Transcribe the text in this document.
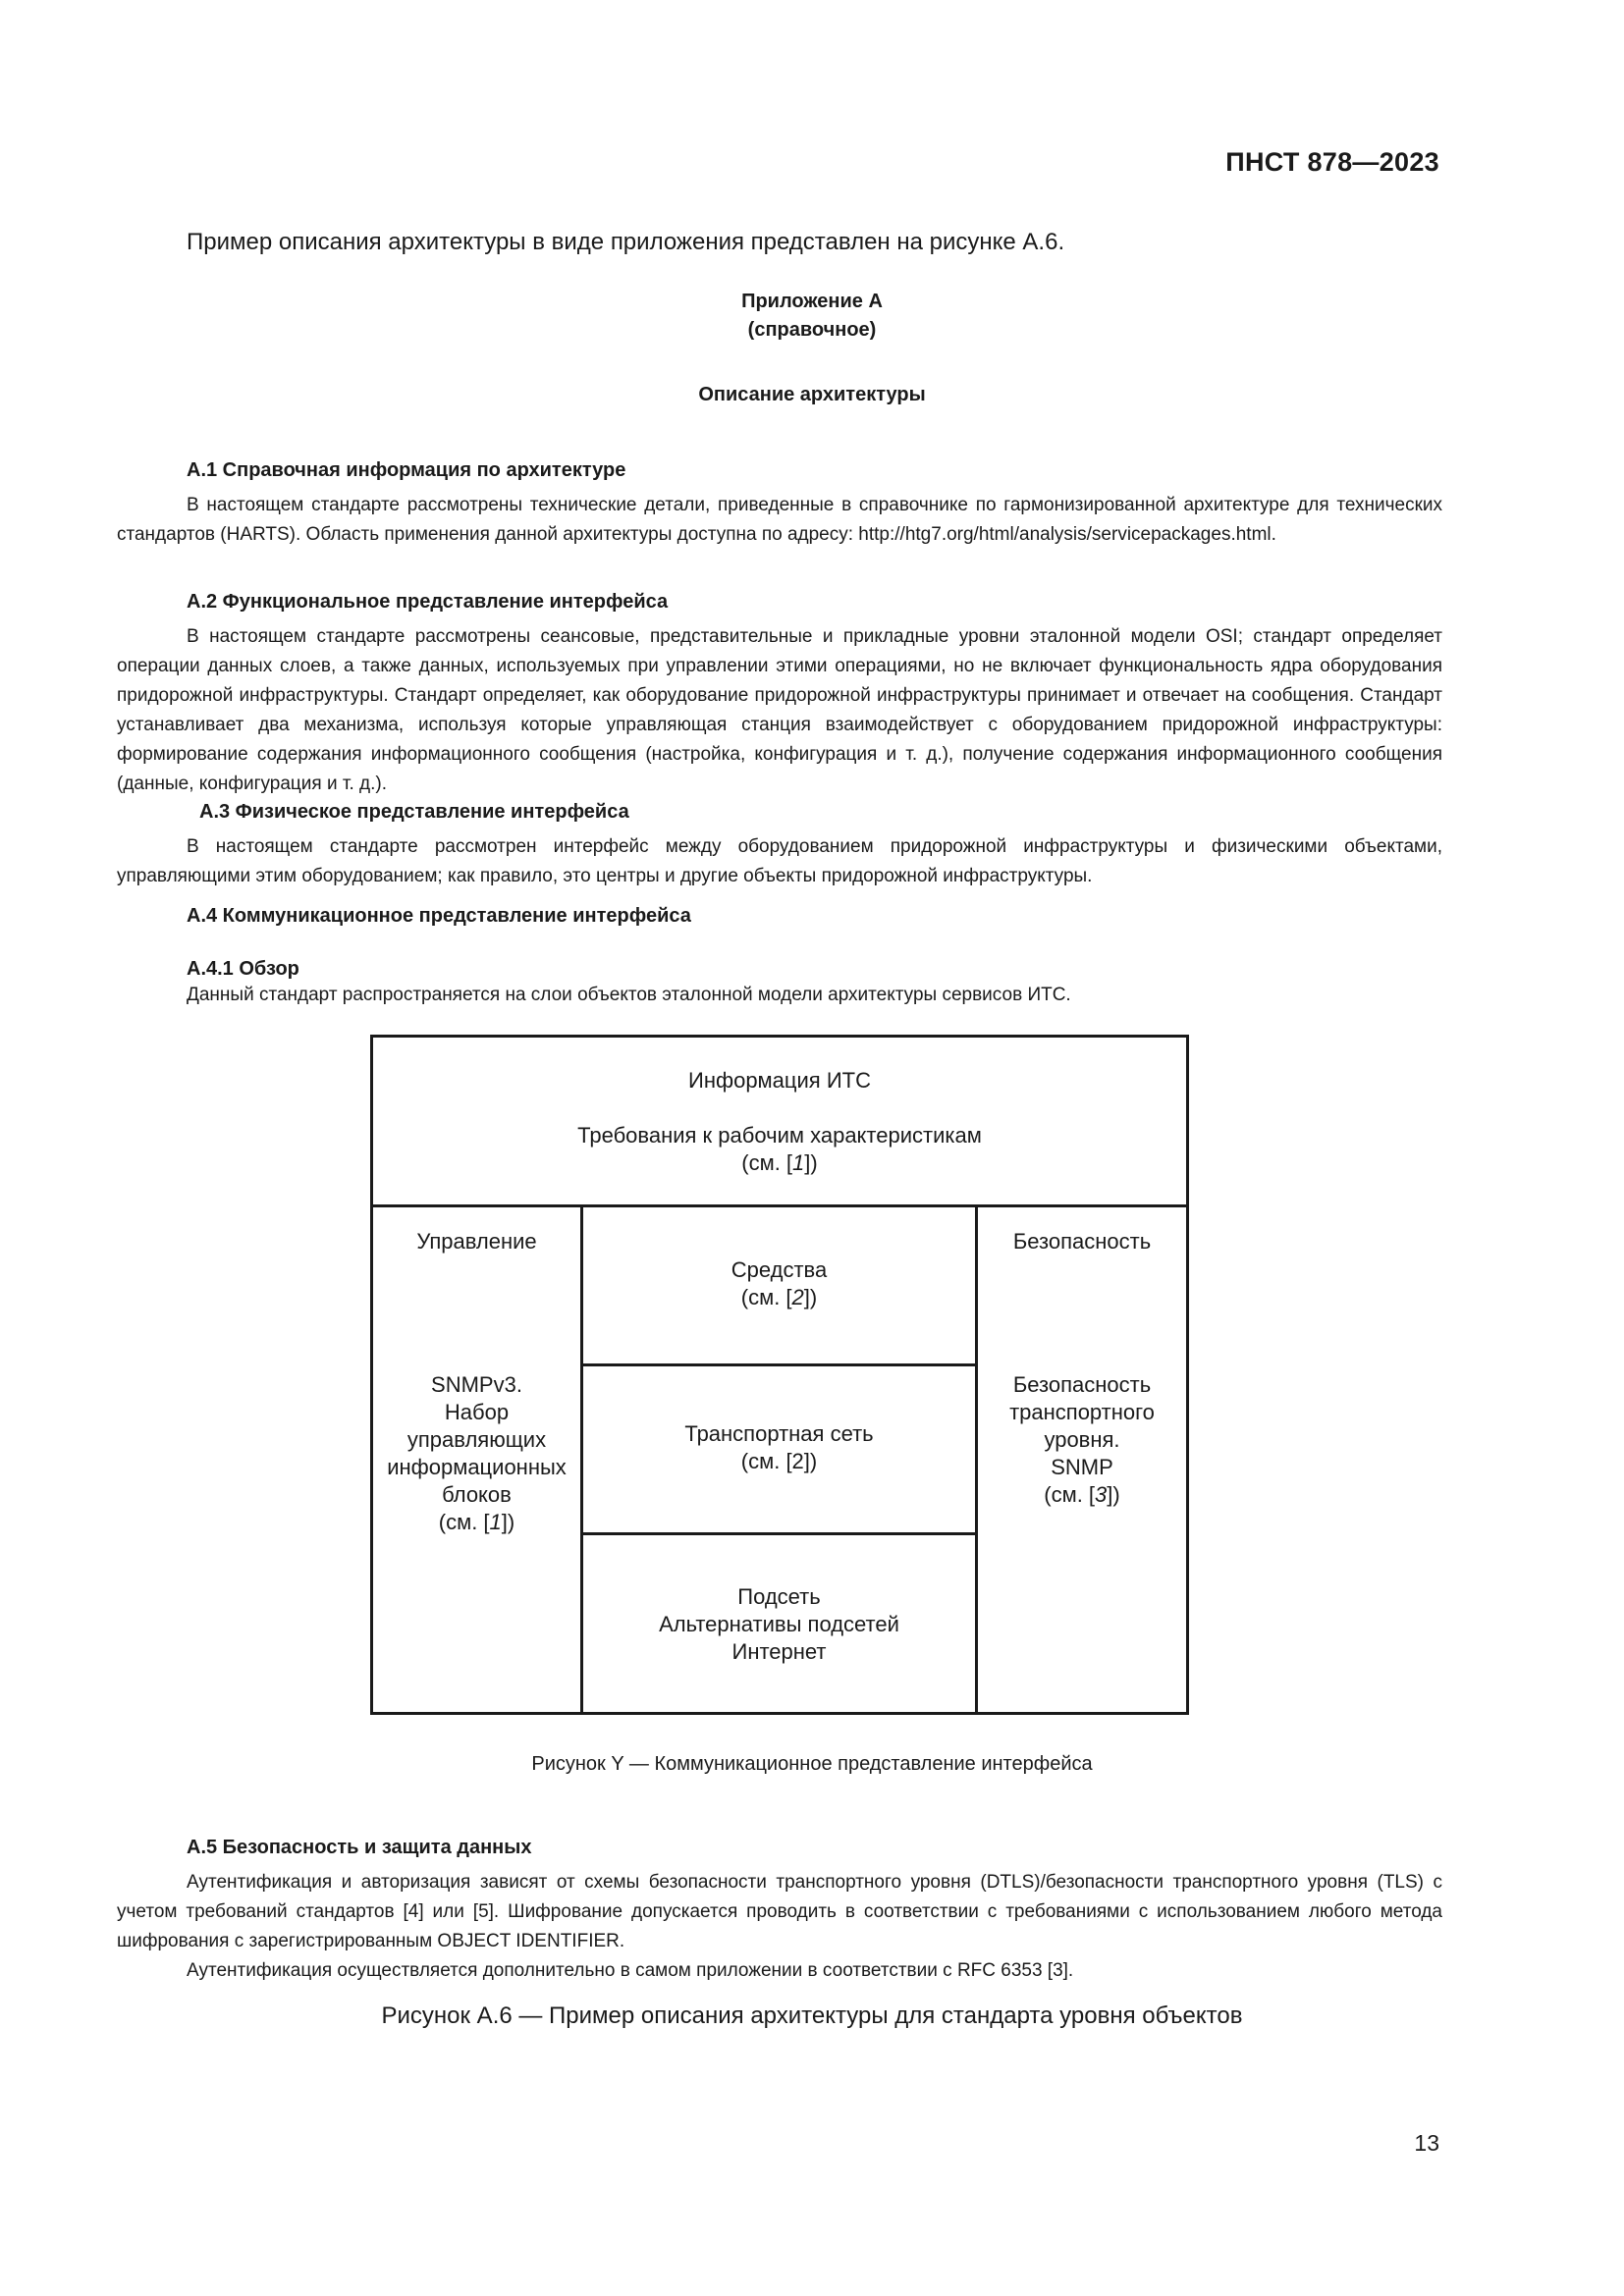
ПНСТ 878—2023
Пример описания архитектуры в виде приложения представлен на рисунке А.6.
Приложение А
(справочное)
Описание архитектуры
А.1 Справочная информация по архитектуре
В настоящем стандарте рассмотрены технические детали, приведенные в справочнике по гармонизированной архитектуре для технических стандартов (HARTS). Область применения данной архитектуры доступна по адресу: http://htg7.org/html/analysis/servicepackages.html.
А.2 Функциональное представление интерфейса
В настоящем стандарте рассмотрены сеансовые, представительные и прикладные уровни эталонной модели OSI; стандарт определяет операции данных слоев, а также данных, используемых при управлении этими операциями, но не включает функциональность ядра оборудования придорожной инфраструктуры. Стандарт определяет, как оборудование придорожной инфраструктуры принимает и отвечает на сообщения. Стандарт устанавливает два механизма, используя которые управляющая станция взаимодействует с оборудованием придорожной инфраструктуры: формирование содержания информационного сообщения (настройка, конфигурация и т. д.), получение содержания информационного сообщения (данные, конфигурация и т. д.).
А.3 Физическое представление интерфейса
В настоящем стандарте рассмотрен интерфейс между оборудованием придорожной инфраструктуры и физическими объектами, управляющими этим оборудованием; как правило, это центры и другие объекты придорожной инфраструктуры.
А.4 Коммуникационное представление интерфейса
А.4.1 Обзор
Данный стандарт распространяется на слои объектов эталонной модели архитектуры сервисов ИТС.
Информация ИТС
Требования к рабочим характеристикам
(см. [1])
Управление
SNMPv3.
Набор
управляющих
информационных
блоков
(см. [1])
Средства
(см. [2])
Транспортная сеть
(см. [2])
Подсеть
Альтернативы подсетей
Интернет
Безопасность
Безопасность
транспортного
уровня.
SNMP
(см. [3])
Рисунок Y — Коммуникационное представление интерфейса
А.5 Безопасность и защита данных

Аутентификация и авторизация зависят от схемы безопасности транспортного уровня (DTLS)/безопасности транспортного уровня (TLS) с учетом требований стандартов [4] или [5]. Шифрование допускается проводить в соответствии с требованиями с использованием любого метода шифрования с зарегистрированным OBJECT IDENTIFIER.

Аутентификация осуществляется дополнительно в самом приложении в соответствии с RFC 6353 [3].

Рисунок А.6 — Пример описания архитектуры для стандарта уровня объектов
13
